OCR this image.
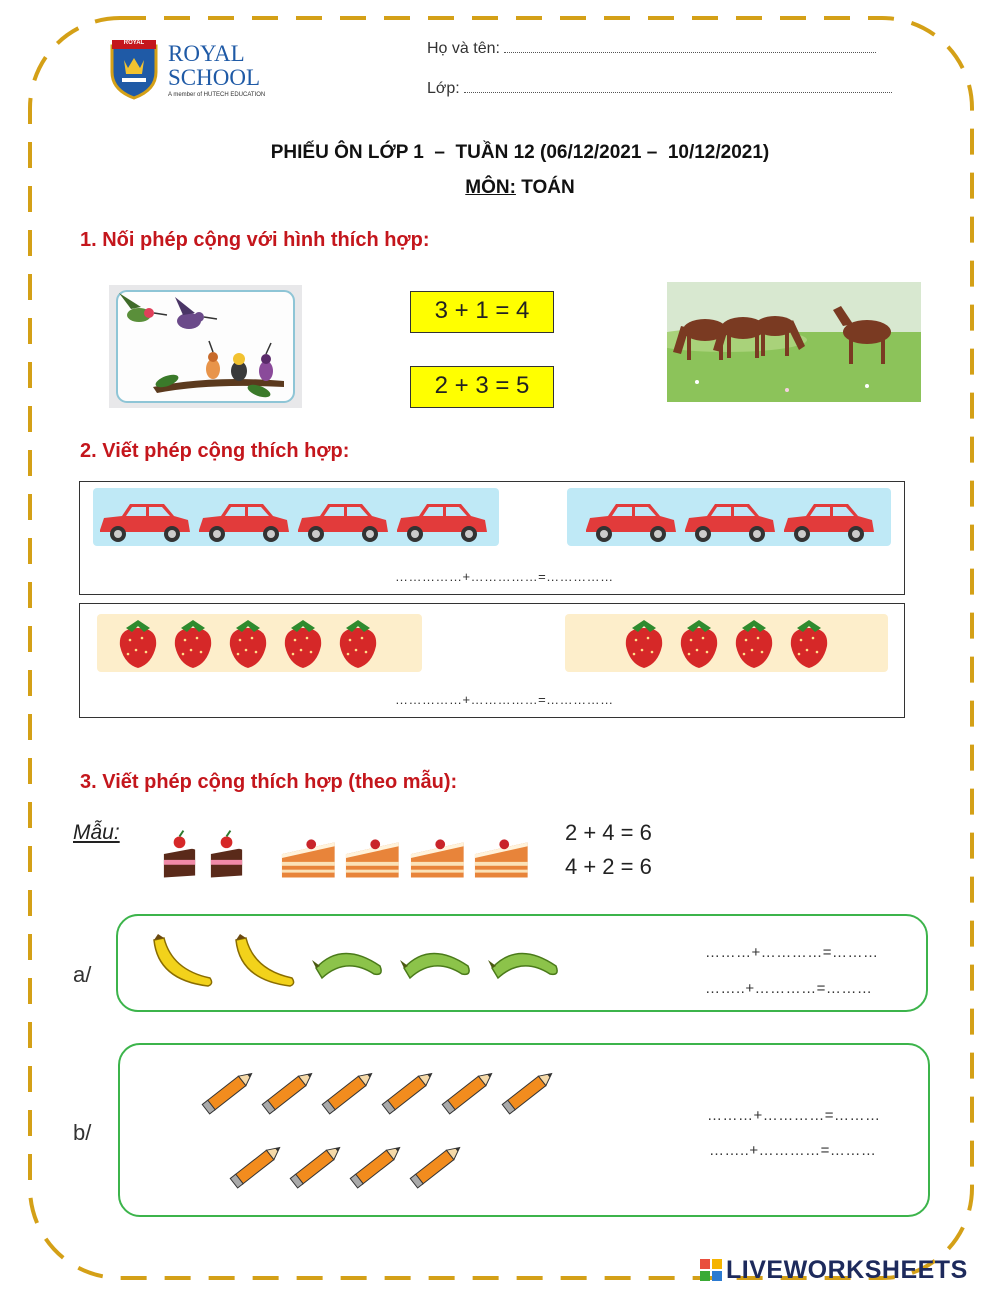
ROYAL	ROYAL
SCHOOL
A member of HUTECH EDUCATION
Họ và tên:
Lớp:
PHIẾU ÔN LỚP 1  –  TUẦN 12 (06/12/2021 –  10/12/2021)
MÔN: TOÁN
1. Nối phép cộng với hình thích hợp:
3 + 1 = 4
2 + 3 = 5
2. Viết phép cộng thích hợp:
……………+……………=……………
……………+……………=……………
3. Viết phép cộng thích hợp (theo mẫu):
Mẫu:	2 + 4 = 6
4 + 2 = 6
a/
………+…………=………
……..+…………=………
b/
………+…………=………
……..+…………=………
LIVEWORKSHEETS
